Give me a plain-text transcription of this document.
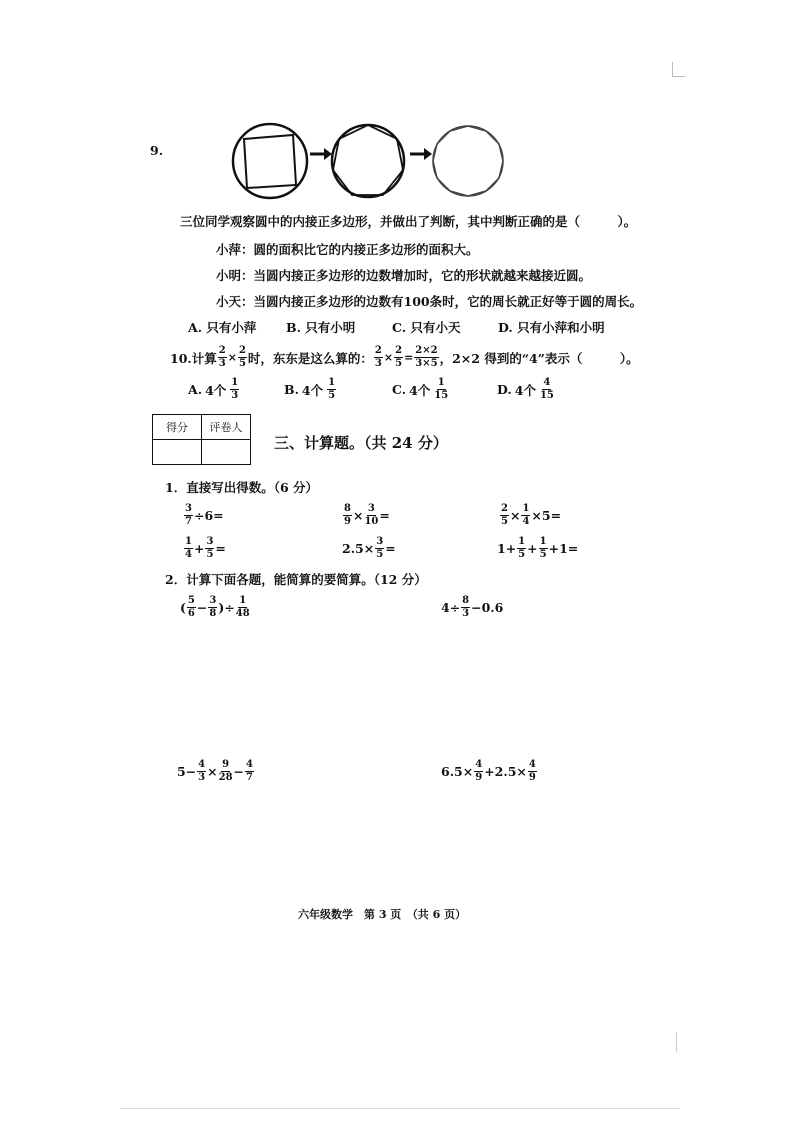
9.
三位同学观察圆中的内接正多边形，并做出了判断，其中判断正确的是（　　　）。
小萍：圆的面积比它的内接正多边形的面积大。
小明：当圆内接正多边形的边数增加时，它的形状就越来越接近圆。
小天：当圆内接正多边形的边数有100条时，它的周长就正好等于圆的周长。
A. 只有小萍 B. 只有小明	C. 只有小天	D. 只有小萍和小明
10.计算 $\frac{2}{3} \times \frac{2}{5}$ 时，东东是这么算的： $\frac{2}{3} \times \frac{2}{5} = \frac{2\times 2}{3\times 5}$ ，2×2 得到的“4”表示（　　　）。
A. 4个 $\frac{1}{3}$	B. 4个 $\frac{1}{5}$	C. 4个 $\frac{1}{15}$	D. 4个 $\frac{4}{15}$
得分	评卷人

三、计算题。（共 24 分）
1．直接写出得数。（6 分）
$\frac{3}{7} \div 6$ =	$\frac{8}{9} \times \frac{3}{10}$ =	$\frac{2}{5} \times \frac{1}{4} \times 5$ =
$\frac{1}{4} + \frac{3}{5}$ =	$2.5\times \frac{3}{5}$ =	$1+ \frac{1}{5} + \frac{1}{5} +1$ =
2．计算下面各题，能简算的要简算。（12 分）
( $\frac{5}{6} - \frac{3}{8}$ )÷ $\frac{1}{48}$	$4\div \frac{8}{3} -0.6$
$5- \frac{4}{3} \times \frac{9}{28} - \frac{4}{7}$	$6.5\times \frac{4}{9} +2.5\times \frac{4}{9}$
六年级数学　第 3 页　（共 6 页）
